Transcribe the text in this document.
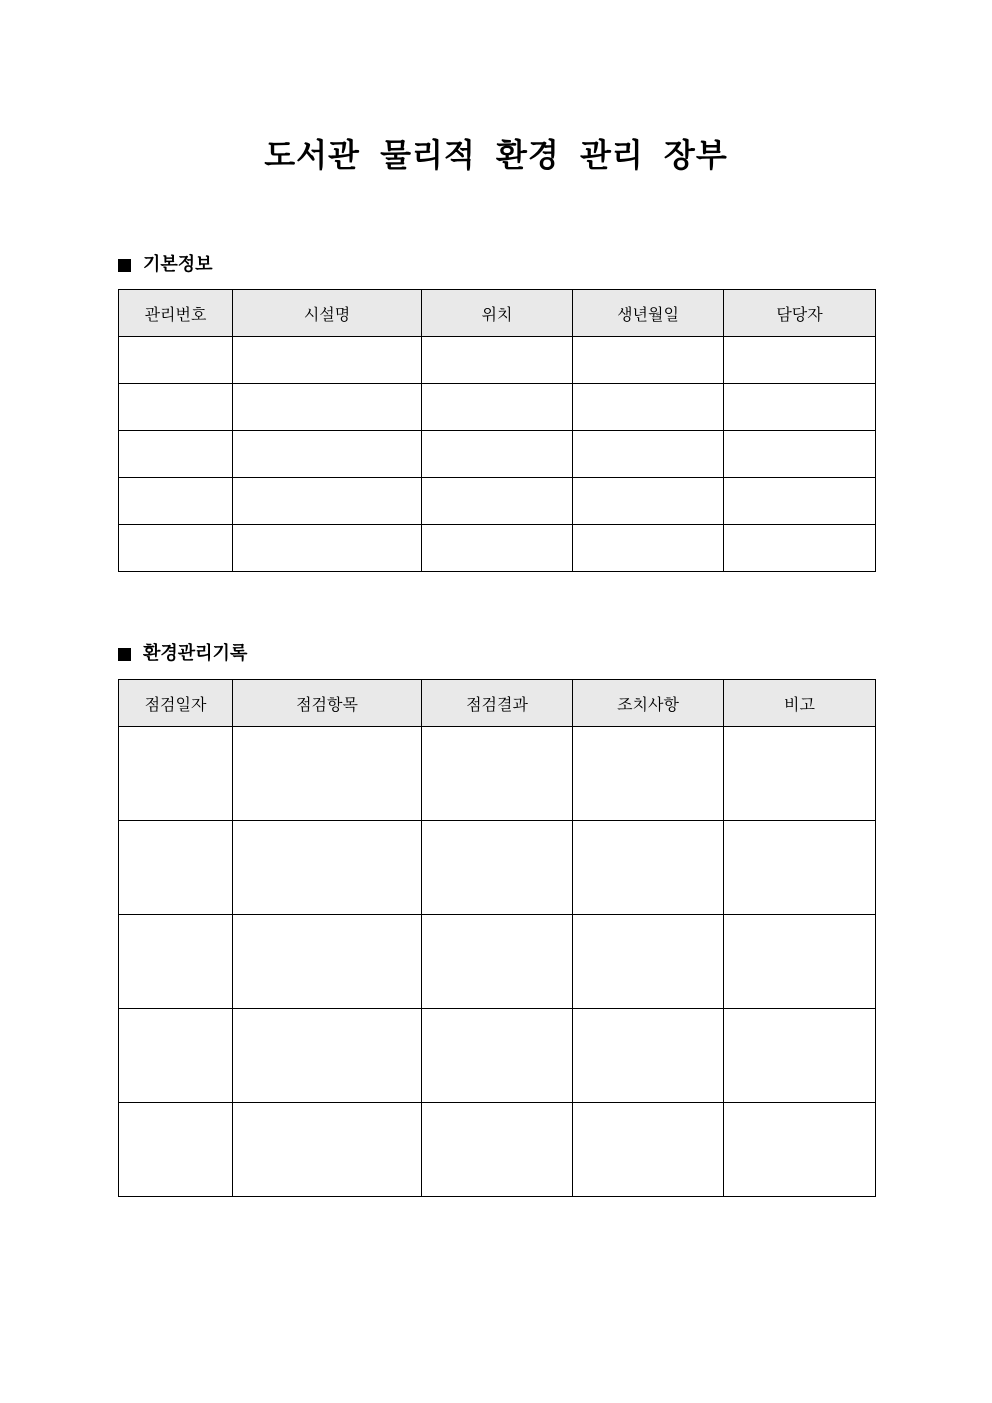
도서관 물리적 환경 관리 장부
기본정보
관리번호	시설명	위치	생년월일	담당자

환경관리기록
점검일자	점검항목	점검결과	조치사항	비고
